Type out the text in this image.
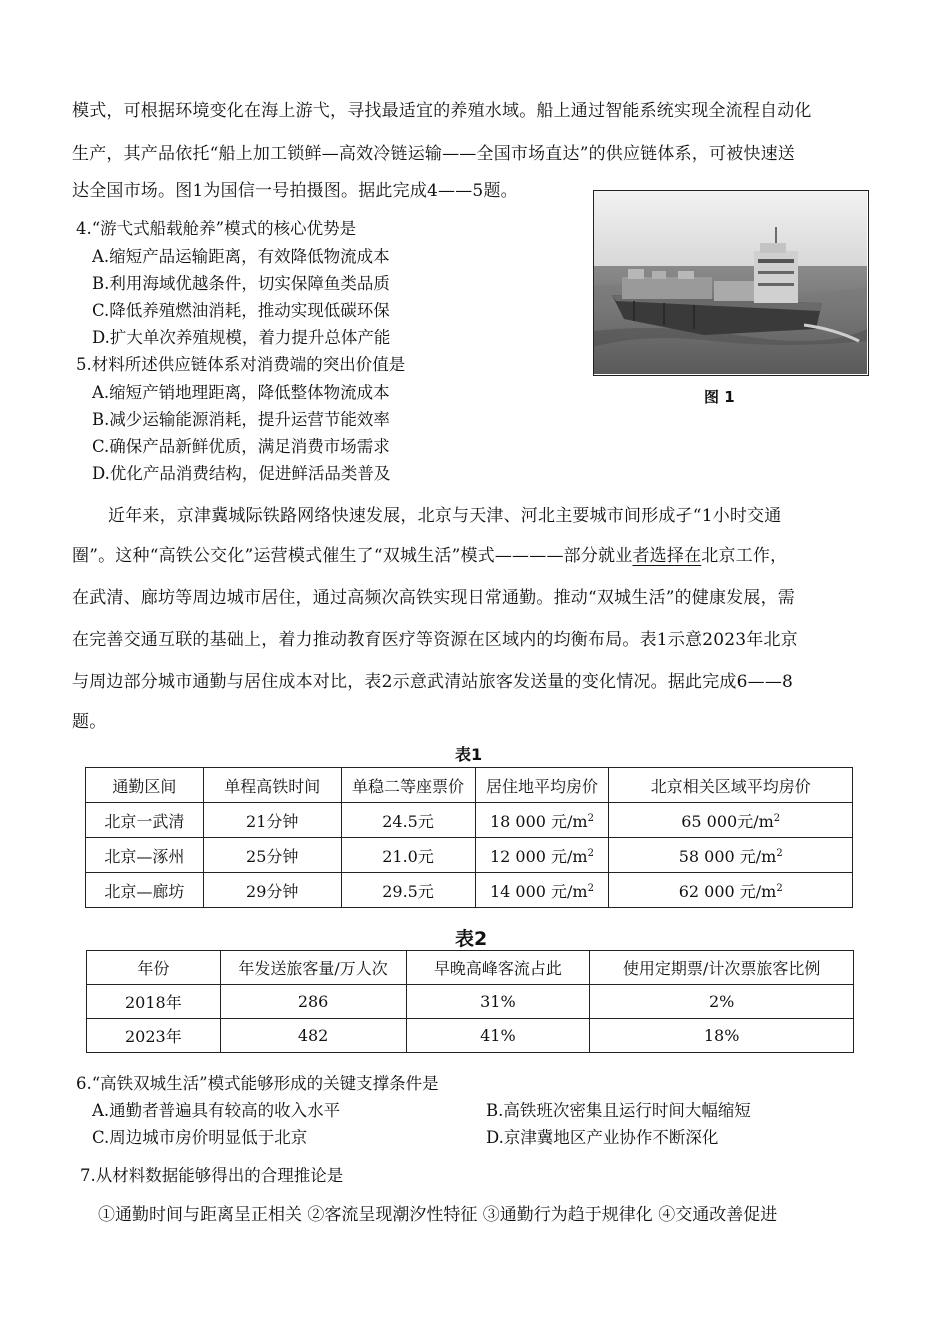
模式，可根据环境变化在海上游弋，寻找最适宜的养殖水域。船上通过智能系统实现全流程自动化

生产，其产品依托“船上加工锁鲜—高效冷链运输——全国市场直达”的供应链体系，可被快速送

达全国市场。图1为国信一号拍摄图。据此完成4——5题。

图 1

4.“游弋式船载舱养”模式的核心优势是

A.缩短产品运输距离，有效降低物流成本

B.利用海域优越条件，切实保障鱼类品质

C.降低养殖燃油消耗，推动实现低碳环保

D.扩大单次养殖规模，着力提升总体产能

5.材料所述供应链体系对消费端的突出价值是

A.缩短产销地理距离，降低整体物流成本

B.减少运输能源消耗，提升运营节能效率

C.确保产品新鲜优质，满足消费市场需求

D.优化产品消费结构，促进鲜活品类普及

近年来，京津冀城际铁路网络快速发展，北京与天津、河北主要城市间形成孑“1小时交通

圈”。这种“高铁公交化”运营模式催生了“双城生活”模式————部分就业者选择在北京工作，

在武清、廊坊等周边城市居住，通过高频次高铁实现日常通勤。推动“双城生活”的健康发展，需

在完善交通互联的基础上，着力推动教育医疗等资源在区域内的均衡布局。表1示意2023年北京

与周边部分城市通勤与居住成本对比，表2示意武清站旅客发送量的变化情况。据此完成6——8

题。

表1
通勤区间	单程高铁时间	单稳二等座票价	居住地平均房价	北京相关区域平均房价
北京一武清	21分钟	24.5元	18 000 元$/m^2$	65 000元$/m^2$
北京—涿州	25分钟	21.0元	12 000 元$/m^2$	58 000 元$/m^2$
北京—廊坊	29分钟	29.5元	14 000 元$/m^2$	62 000 元$/m^2$
表2
年份	年发送旅客量/万人次	早晚高峰客流占此	使用定期票/计次票旅客比例
2018年	286	31%	2%
2023年	482	41%	18%

6.“高铁双城生活”模式能够形成的关键支撑条件是

A.通勤者普遍具有较高的收入水平	B.高铁班次密集且运行时间大幅缩短

C.周边城市房价明显低于北京	D.京津冀地区产业协作不断深化

7.从材料数据能够得出的合理推论是

①通勤时间与距离呈正相关 ②客流呈现潮汐性特征 ③通勤行为趋于规律化 ④交通改善促进
